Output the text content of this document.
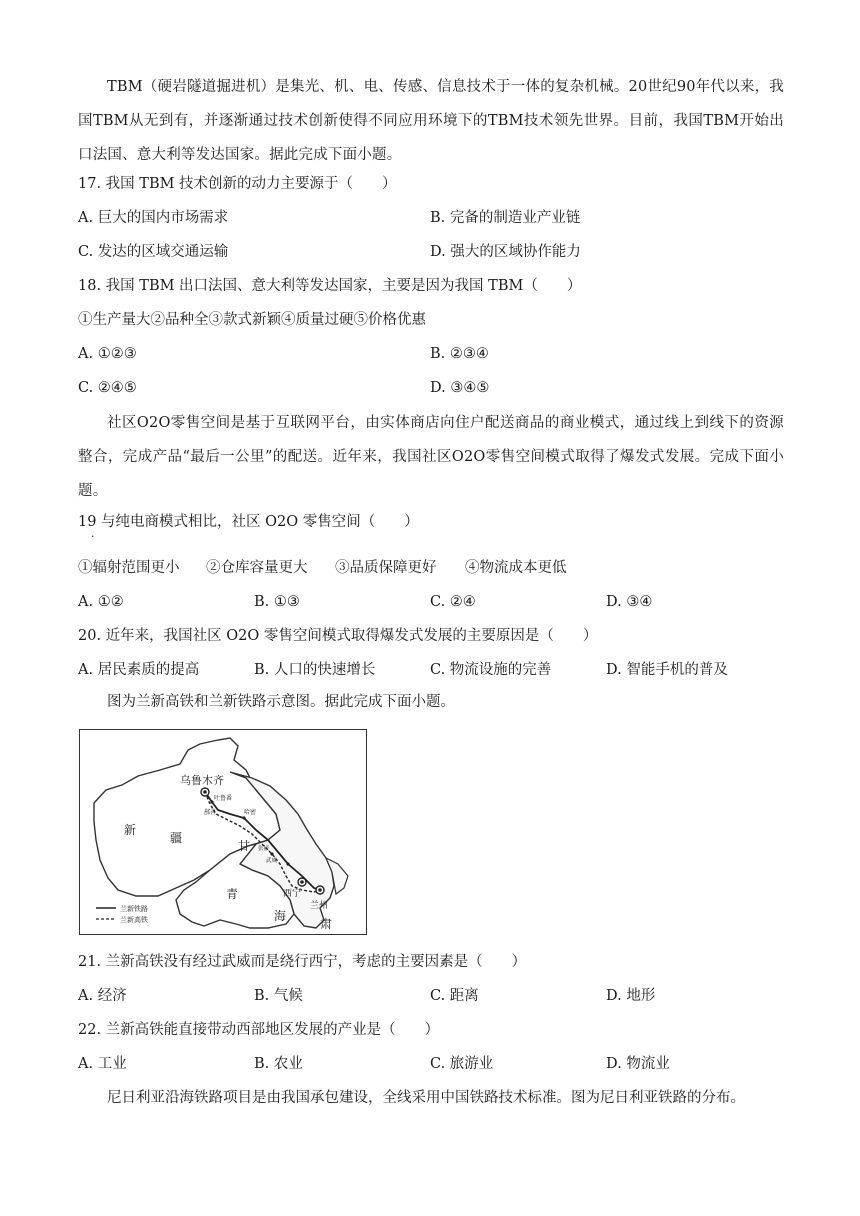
TBM（硬岩隧道掘进机）是集光、机、电、传感、信息技术于一体的复杂机械。20世纪90年代以来，我国TBM从无到有，并逐渐通过技术创新使得不同应用环境下的TBM技术领先世界。目前，我国TBM开始出口法国、意大利等发达国家。据此完成下面小题。
17. 我国 TBM 技术创新的动力主要源于（　　）
A. 巨大的国内市场需求	B. 完备的制造业产业链
C. 发达的区域交通运输	D. 强大的区域协作能力
18. 我国 TBM 出口法国、意大利等发达国家，主要是因为我国 TBM（　　）
①生产量大②品种全③款式新颖④质量过硬⑤价格优惠
A. ①②③	B. ②③④
C. ②④⑤	D. ③④⑤
社区O2O零售空间是基于互联网平台，由实体商店向住户配送商品的商业模式，通过线上到线下的资源整合，完成产品“最后一公里”的配送。近年来，我国社区O2O零售空间模式取得了爆发式发展。完成下面小题。
19 与纯电商模式相比，社区 O2O 零售空间（　　）
·
①辐射范围更小 ②仓库容量更大 ③品质保障更好 ④物流成本更低
A. ①②	B. ①③	C. ②④	D. ③④
20. 近年来，我国社区 O2O 零售空间模式取得爆发式发展的主要原因是（　　）
A. 居民素质的提高	B. 人口的快速增长	C. 物流设施的完善	D. 智能手机的普及
图为兰新高铁和兰新铁路示意图。据此完成下面小题。
乌鲁木齐
吐鲁番
鄯善	哈密
张掖
武威
新
疆
甘
肃
青
海
西宁
兰州
兰新铁路
兰新高铁
21. 兰新高铁没有经过武威而是绕行西宁，考虑的主要因素是（　　）
A. 经济	B. 气候	C. 距离	D. 地形
22. 兰新高铁能直接带动西部地区发展的产业是（　　）
A. 工业	B. 农业	C. 旅游业	D. 物流业
尼日利亚沿海铁路项目是由我国承包建设，全线采用中国铁路技术标准。图为尼日利亚铁路的分布。
